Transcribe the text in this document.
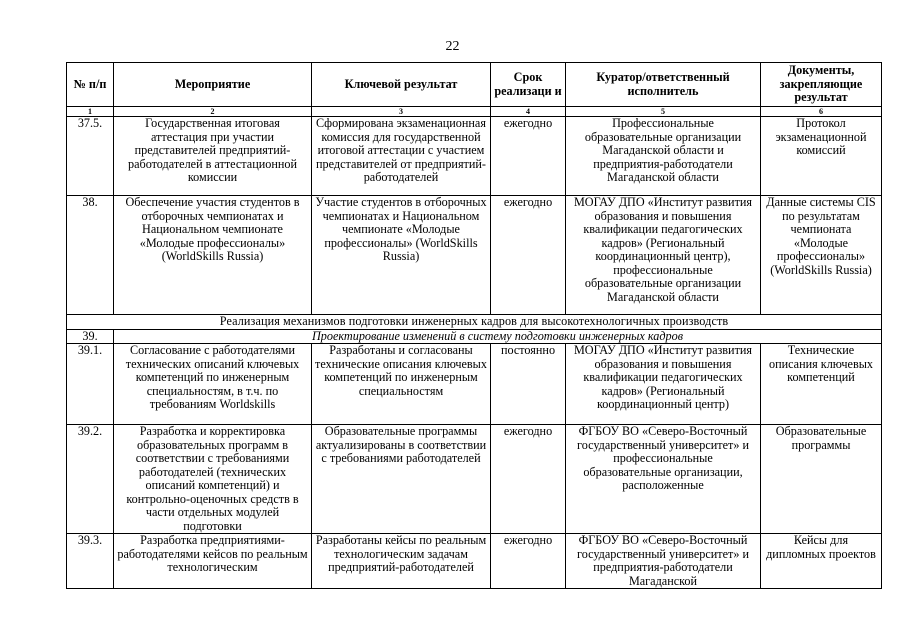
22
№ п/п	Мероприятие	Ключевой результат	Срок реализаци и	Куратор/ответственный исполнитель	Документы, закрепляющие результат
1	2	3	4	5	6
37.5.	Государственная итоговая аттестация при участии представителей предприятий-работодателей в аттестационной комиссии	Сформирована экзаменационная комиссия для государственной итоговой аттестации с участием представителей от предприятий-работодателей	ежегодно	Профессиональные образовательные организации Магаданской области и предприятия-работодатели Магаданской области	Протокол экзаменационной комиссий
38.	Обеспечение участия студентов в отборочных чемпионатах и Национальном чемпионате «Молодые профессионалы» (WorldSkills Russia)	Участие студентов в отборочных чемпионатах и Национальном чемпионате «Молодые профессионалы» (WorldSkills Russia)	ежегодно	МОГАУ ДПО «Институт развития образования и повышения квалификации педагогических кадров» (Региональный координационный центр), профессиональные образовательные организации Магаданской области	Данные системы CIS по результатам чемпионата «Молодые профессионалы» (WorldSkills Russia)
Реализация механизмов подготовки инженерных кадров для высокотехнологичных производств					
39.	Проектирование изменений в систему подготовки инженерных кадров				
39.1.	Согласование с работодателями технических описаний ключевых компетенций по инженерным специальностям, в т.ч. по требованиям Worldskills	Разработаны и согласованы технические описания ключевых компетенций по инженерным специальностям	постоянно	МОГАУ ДПО «Институт развития образования и повышения квалификации педагогических кадров» (Региональный координационный центр)	Технические описания ключевых компетенций
39.2.	Разработка и корректировка образовательных программ в соответствии с требованиями работодателей (технических описаний компетенций) и контрольно-оценочных средств в части отдельных модулей подготовки	Образовательные программы актуализированы в соответствии с требованиями работодателей	ежегодно	ФГБОУ ВО «Северо-Восточный государственный университет» и профессиональные образовательные организации, расположенные	Образовательные программы
39.3.	Разработка предприятиями-работодателями кейсов по реальным технологическим	Разработаны кейсы по реальным технологическим задачам предприятий-работодателей	ежегодно	ФГБОУ ВО «Северо-Восточный государственный университет» и предприятия-работодатели Магаданской	Кейсы для дипломных проектов
